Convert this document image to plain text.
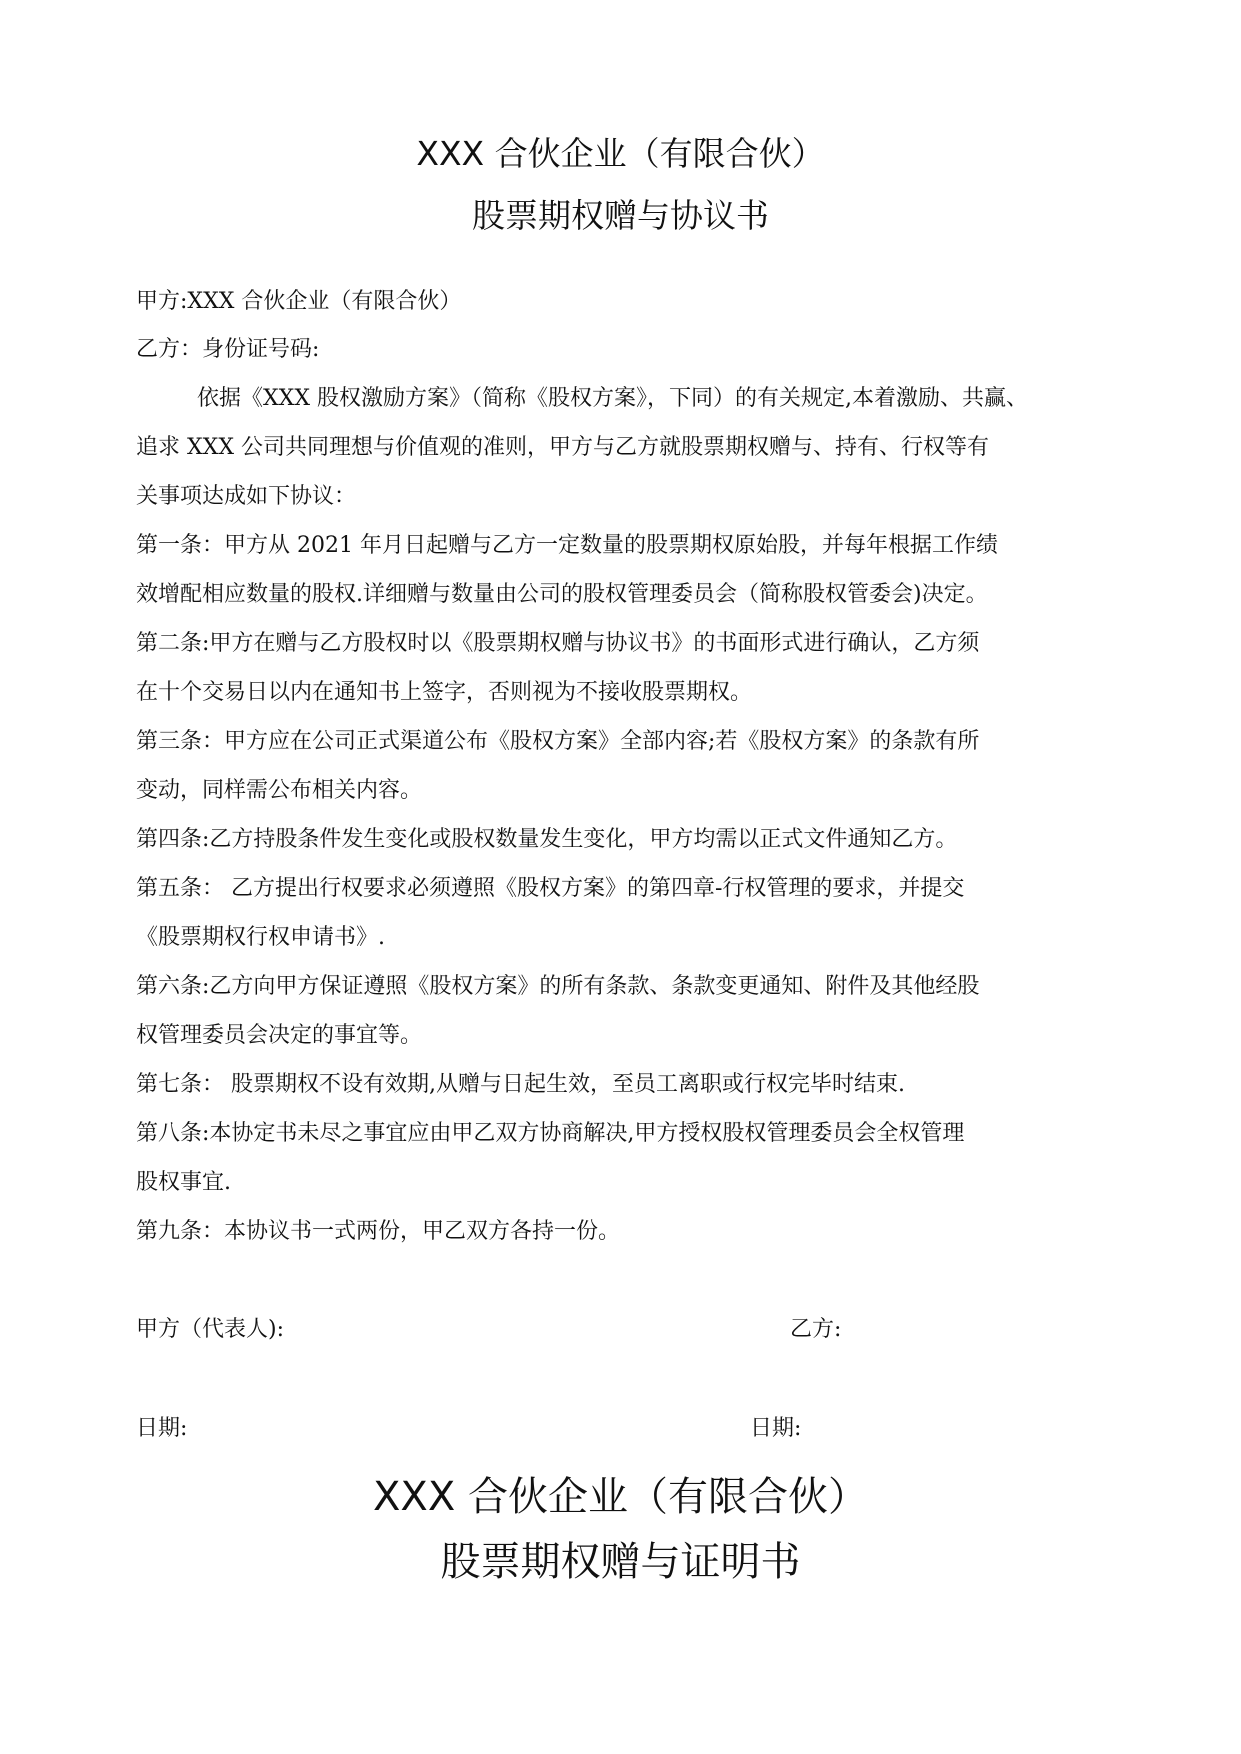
XXX 合伙企业（有限合伙）
股票期权赠与协议书
甲方:XXX 合伙企业（有限合伙）
乙方：身份证号码:
依据《XXX 股权激励方案》（简称《股权方案》，下同）的有关规定,本着激励、共赢、
追求 XXX 公司共同理想与价值观的准则，甲方与乙方就股票期权赠与、持有、行权等有
关事项达成如下协议：
第一条：甲方从 2021 年月日起赠与乙方一定数量的股票期权原始股，并每年根据工作绩
效增配相应数量的股权.详细赠与数量由公司的股权管理委员会（简称股权管委会)决定。
第二条:甲方在赠与乙方股权时以《股票期权赠与协议书》的书面形式进行确认，乙方须
在十个交易日以内在通知书上签字，否则视为不接收股票期权。
第三条：甲方应在公司正式渠道公布《股权方案》全部内容;若《股权方案》的条款有所
变动，同样需公布相关内容。
第四条:乙方持股条件发生变化或股权数量发生变化，甲方均需以正式文件通知乙方。
第五条： 乙方提出行权要求必须遵照《股权方案》的第四章-行权管理的要求，并提交
《股票期权行权申请书》.
第六条:乙方向甲方保证遵照《股权方案》的所有条款、条款变更通知、附件及其他经股
权管理委员会决定的事宜等。
第七条： 股票期权不设有效期,从赠与日起生效，至员工离职或行权完毕时结束.
第八条:本协定书未尽之事宜应由甲乙双方协商解决,甲方授权股权管理委员会全权管理
股权事宜.
第九条：本协议书一式两份，甲乙双方各持一份。
甲方（代表人):	乙方:
日期:	日期:
XXX 合伙企业（有限合伙）
股票期权赠与证明书
